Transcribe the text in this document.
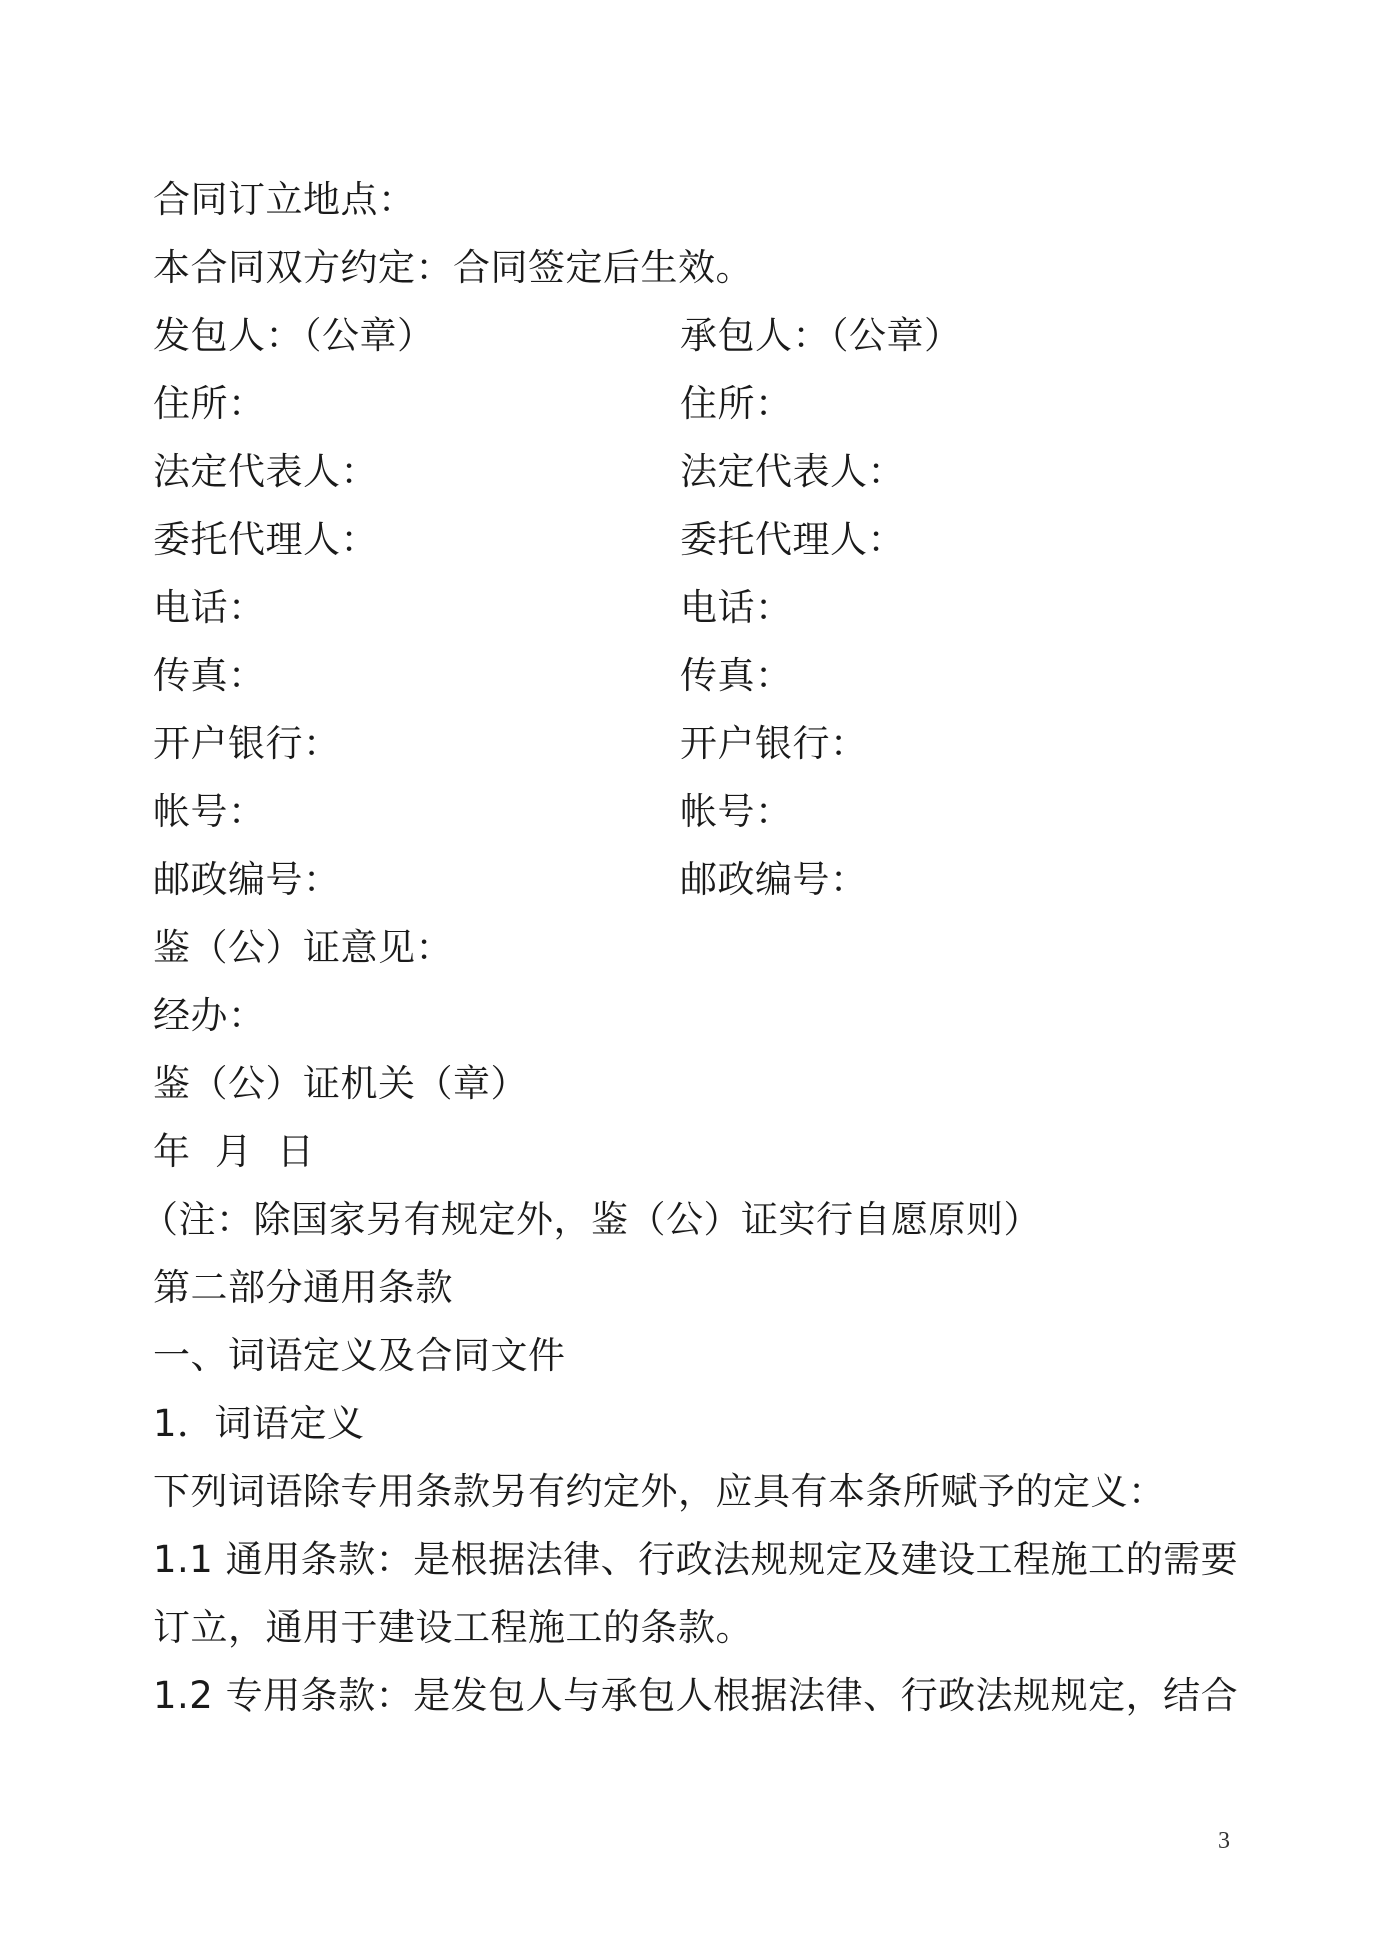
合同订立地点：
本合同双方约定：合同签定后生效。
发包人：（公章）	承包人：（公章）
住所：	住所：
法定代表人：	法定代表人：
委托代理人：	委托代理人：
电话：	电话：
传真：	传真：
开户银行：	开户银行：
帐号：	帐号：
邮政编号：	邮政编号：
鉴（公）证意见：
经办：
鉴（公）证机关（章）
年  月  日
（注：除国家另有规定外，鉴（公）证实行自愿原则）
第二部分通用条款
一、词语定义及合同文件
1．词语定义
下列词语除专用条款另有约定外，应具有本条所赋予的定义：
1.1 通用条款：是根据法律、行政法规规定及建设工程施工的需要
订立，通用于建设工程施工的条款。
1.2 专用条款：是发包人与承包人根据法律、行政法规规定，结合
3
